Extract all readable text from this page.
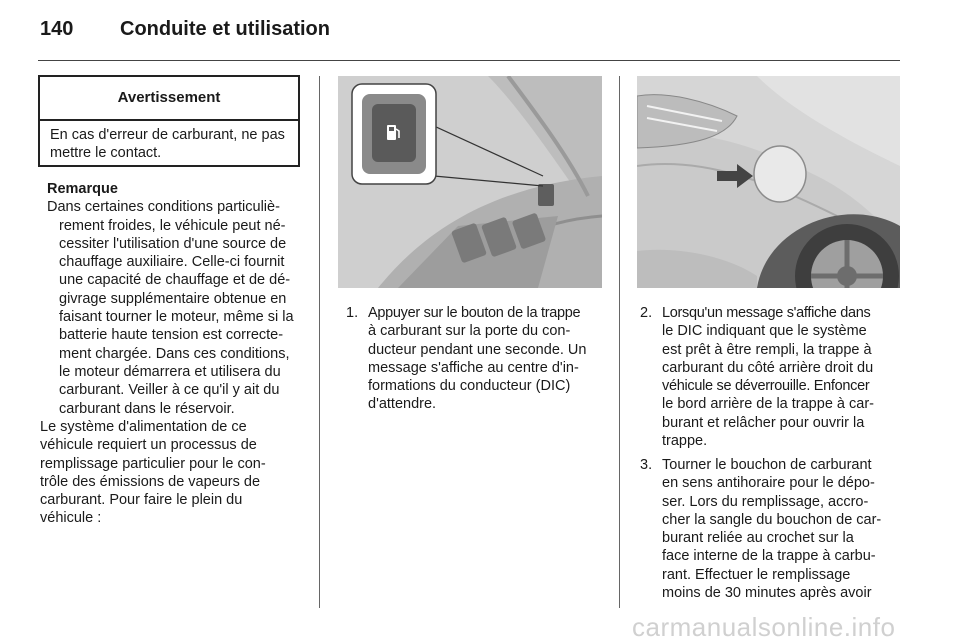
140	Conduite et utilisation
Avertissement
En cas d'erreur de carburant, ne pas mettre le contact.
Remarque
Dans certaines conditions particuliè-
rement froides, le véhicule peut né-
cessiter l'utilisation d'une source de
chauffage auxiliaire. Celle-ci fournit
une capacité de chauffage et de dé-
givrage supplémentaire obtenue en
faisant tourner le moteur, même si la
batterie haute tension est correcte-
ment chargée. Dans ces conditions,
le moteur démarrera et utilisera du
carburant. Veiller à ce qu'il y ait du
carburant dans le réservoir.
Le système d'alimentation de ce
véhicule requiert un processus de
remplissage particulier pour le con-
trôle des émissions de vapeurs de
carburant. Pour faire le plein du
véhicule :
1. Appuyer sur le bouton de la trappe
à carburant sur la porte du con-
ducteur pendant une seconde. Un
message s'affiche au centre d'in-
formations du conducteur (DIC)
d'attendre.
2. Lorsqu'un message s'affiche dans
le DIC indiquant que le système
est prêt à être rempli, la trappe à
carburant du côté arrière droit du
véhicule se déverrouille. Enfoncer
le bord arrière de la trappe à car-
burant et relâcher pour ouvrir la
trappe.
3. Tourner le bouchon de carburant
en sens antihoraire pour le dépo-
ser. Lors du remplissage, accro-
cher la sangle du bouchon de car-
burant reliée au crochet sur la
face interne de la trappe à carbu-
rant. Effectuer le remplissage
moins de 30 minutes après avoir
carmanualsonline.info
